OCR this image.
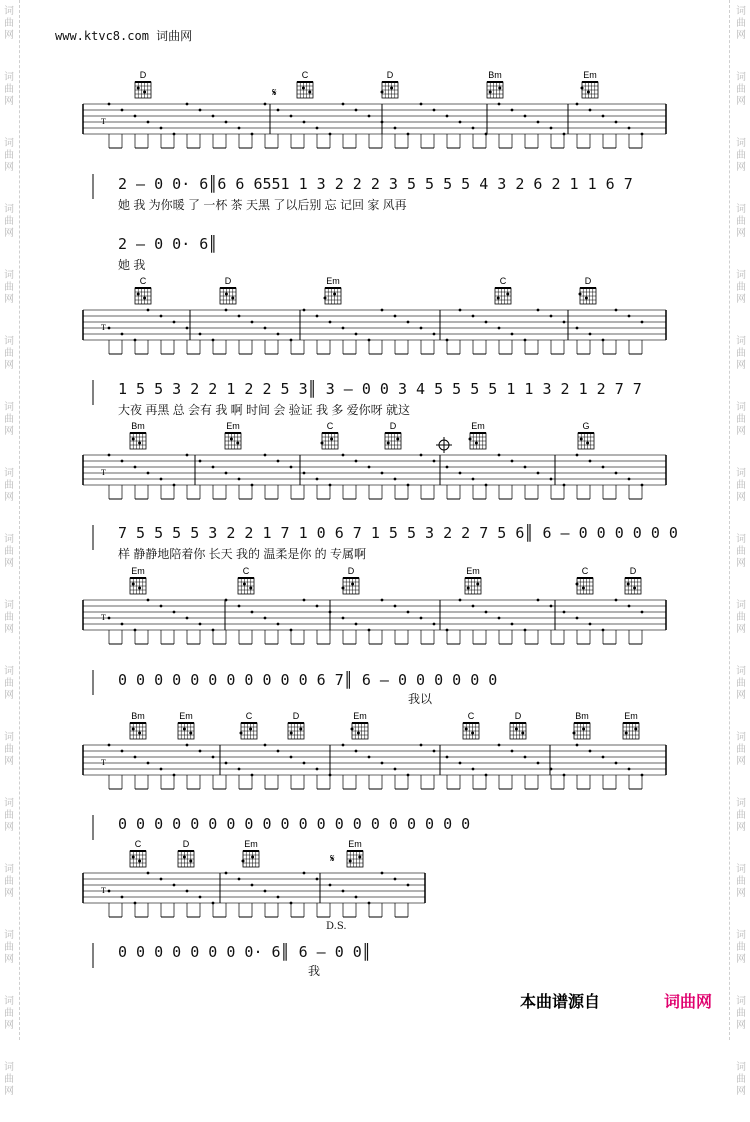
www.ktvc8.com 词曲网
词
曲
网
词
曲
网
词
曲
网
词
曲
网
词
曲
网
词
曲
网
词
曲
网
词
曲
网
词
曲
网
词
曲
网
词
曲
网
词
曲
网
词
曲
网
词
曲
网
词
曲
网
词
曲
网
词
曲
网
词
曲
网
词
曲
网
词
曲
网
词
曲
网
词
曲
网
词
曲
网
词
曲
网
词
曲
网
词
曲
网
词
曲
网
词
曲
网
词
曲
网
词
曲
网
词
曲
网
词
曲
网
词
曲
网
词
曲
网
T
D	C	D	Bm	Em
T
C	D	Em	C	D
T
Bm	Em	C	D	Em	G
T
Em	C	D	Em	C	D
T
Bm	Em	C	D	Em	C	D	Bm	Em
T
C	D	Em	Em
𝄋
𝄋
2 – 0 0· 6║6 6 6551 1 3 2 2 2 3 5 5 5 5 4 3 2 6 2 1 1 6 7
她 我 为你暖 了 一杯 茶 天黑 了以后别 忘 记回 家 风再
2 – 0 0· 6║
她 我
1 5 5 3 2 2 1 2 2 5 3║ 3 – 0 0 3 4 5 5 5 5 1 1 3 2 1 2 7 7
大夜 再黑 总 会有 我 啊 时间 会 验证 我 多 爱你呀 就这
7 5 5 5 5 3 2 2 1 7 1 0 6 7 1 5 5 3 2 2 7 5 6║ 6 – 0 0 0 0 0 0
样 静静地陪着你 长天 我的 温柔是你 的 专属啊
0 0 0 0 0 0 0 0 0 0 0 6 7║ 6 – 0 0 0 0 0 0
我以
0 0 0 0 0 0 0 0 0 0 0 0 0 0 0 0 0 0 0 0
0 0 0 0 0 0 0 0· 6║ 6 – 0 0║
我
D.S.
本曲谱源自	词曲网
